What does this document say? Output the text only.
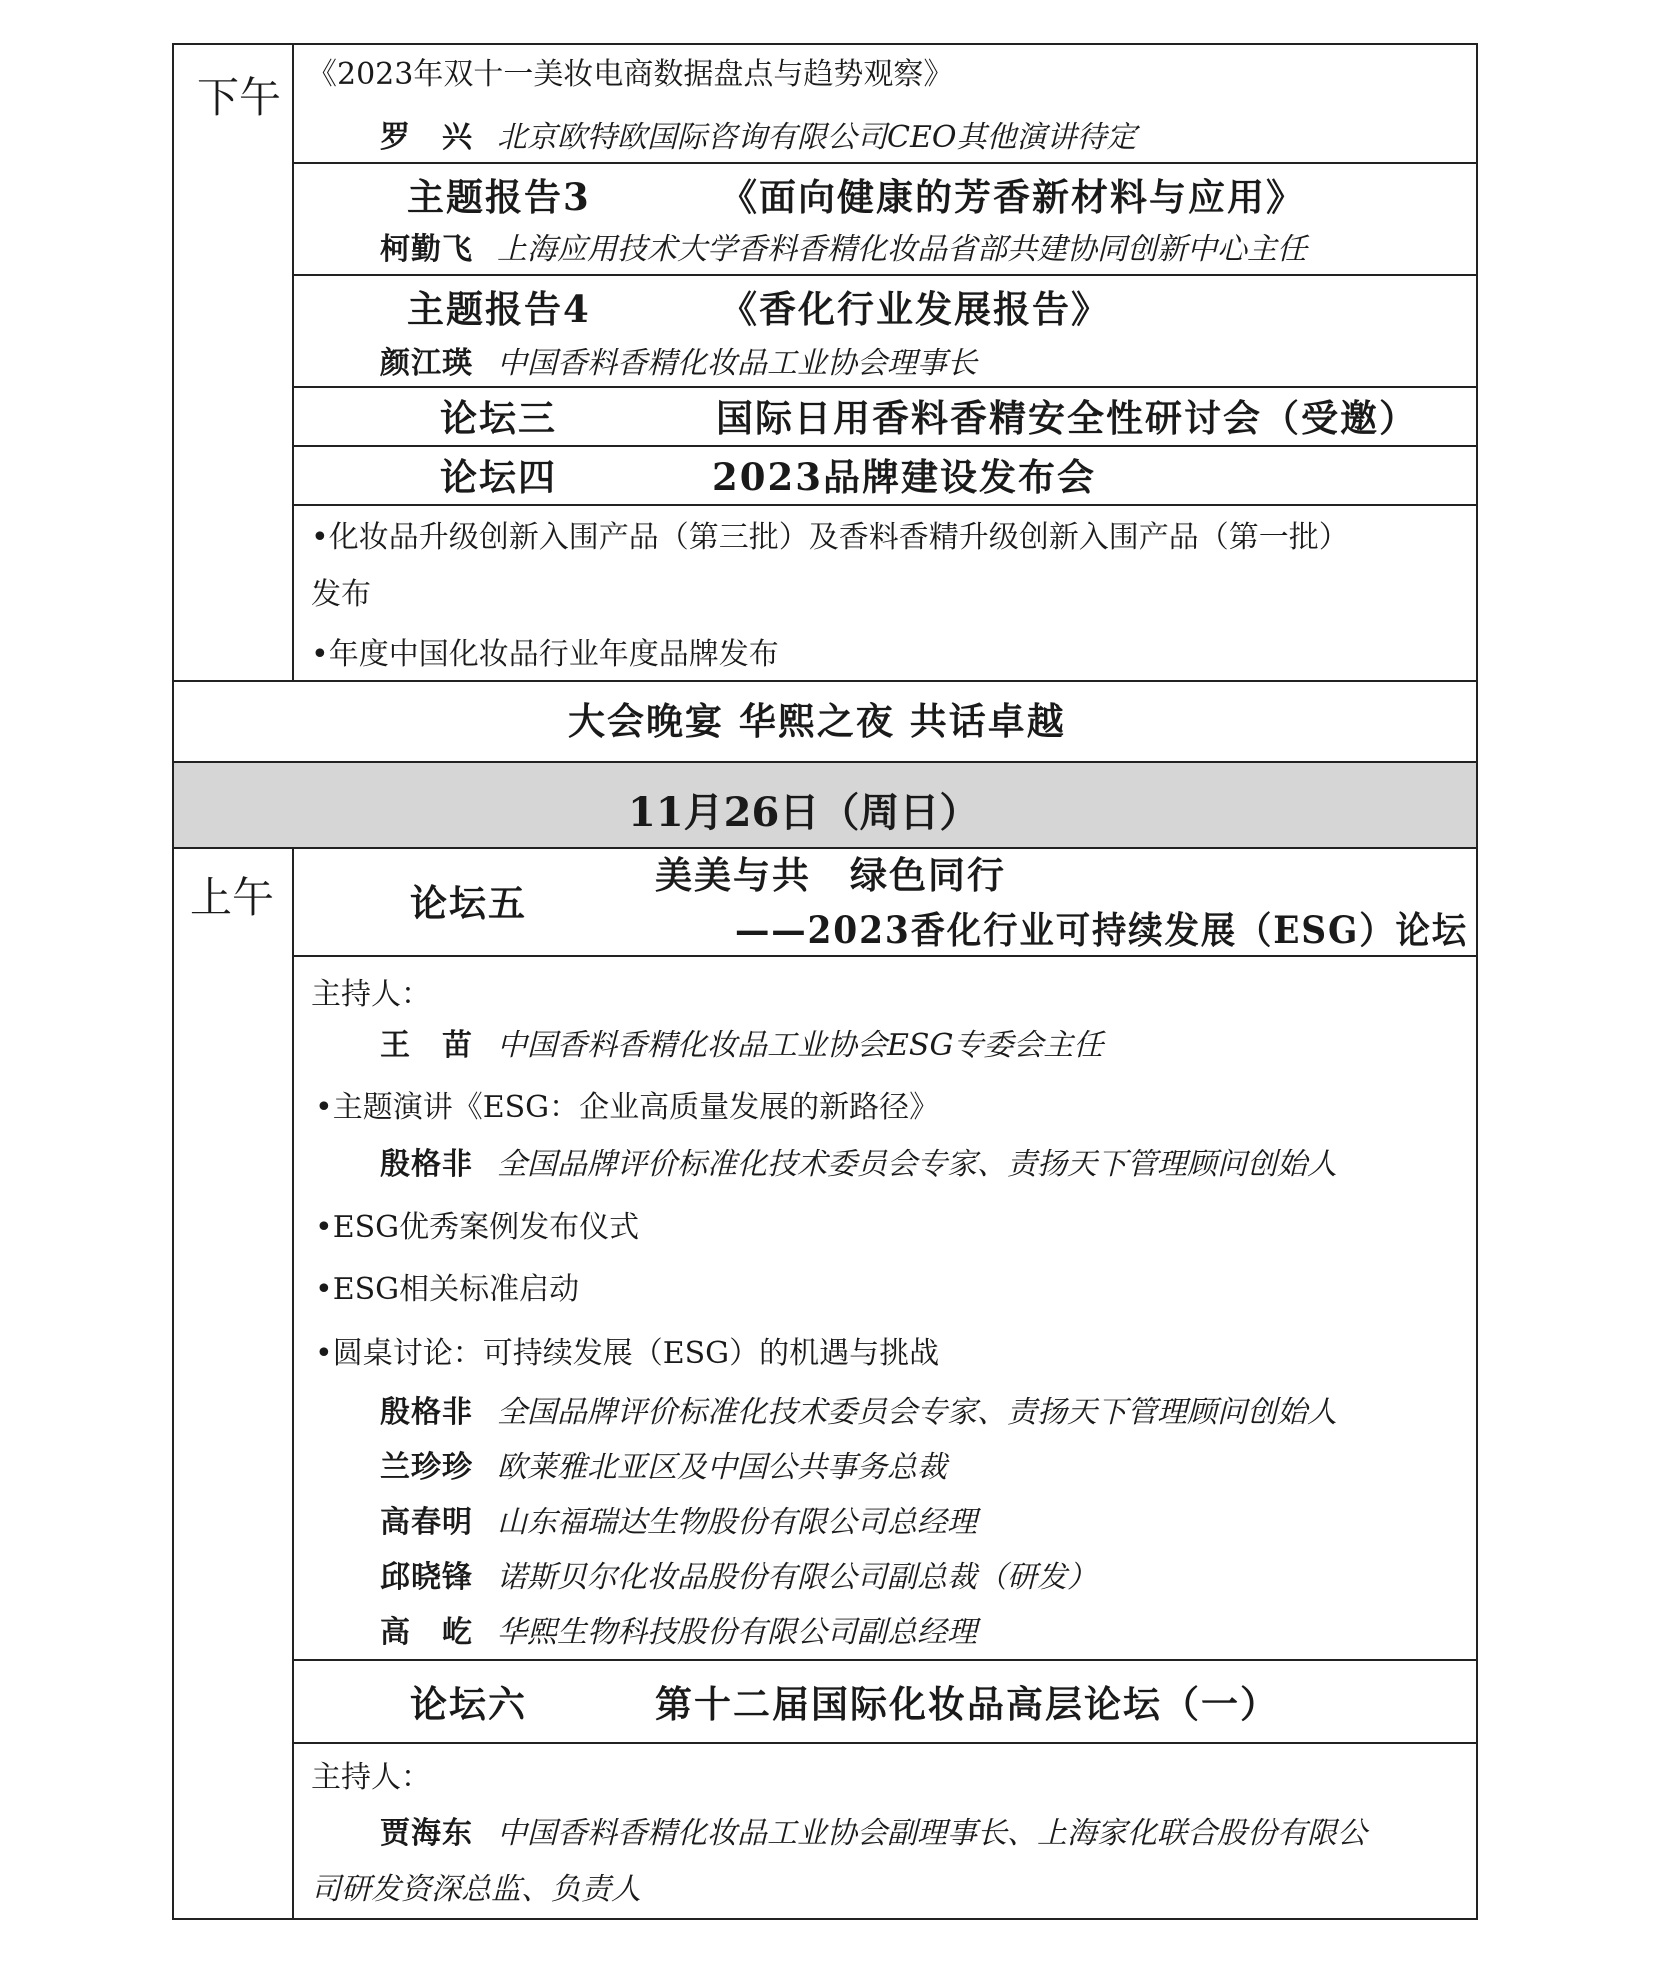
下午 《2023年双十一美妆电商数据盘点与趋势观察》
罗　兴 北京欧特欧国际咨询有限公司CEO其他演讲待定
主题报告3	《面向健康的芳香新材料与应用》
柯勤飞 上海应用技术大学香料香精化妆品省部共建协同创新中心主任
主题报告4	《香化行业发展报告》
颜江瑛 中国香料香精化妆品工业协会理事长
论坛三	国际日用香料香精安全性研讨会（受邀）
论坛四	2023品牌建设发布会
•化妆品升级创新入围产品（第三批）及香料香精升级创新入围产品（第一批）
发布
•年度中国化妆品行业年度品牌发布
大会晚宴 华熙之夜 共话卓越
11月26日（周日）
上午	论坛五
美美与共　绿色同行
——2023香化行业可持续发展（ESG）论坛
主持人：
王　苗 中国香料香精化妆品工业协会ESG专委会主任
•主题演讲《ESG：企业高质量发展的新路径》
殷格非 全国品牌评价标准化技术委员会专家、责扬天下管理顾问创始人
•ESG优秀案例发布仪式
•ESG相关标准启动
•圆桌讨论：可持续发展（ESG）的机遇与挑战
殷格非 全国品牌评价标准化技术委员会专家、责扬天下管理顾问创始人
兰珍珍 欧莱雅北亚区及中国公共事务总裁
高春明 山东福瑞达生物股份有限公司总经理
邱晓锋 诺斯贝尔化妆品股份有限公司副总裁（研发）
高　屹 华熙生物科技股份有限公司副总经理
论坛六	第十二届国际化妆品高层论坛（一）
主持人：
贾海东 中国香料香精化妆品工业协会副理事长、上海家化联合股份有限公
司研发资深总监、负责人
